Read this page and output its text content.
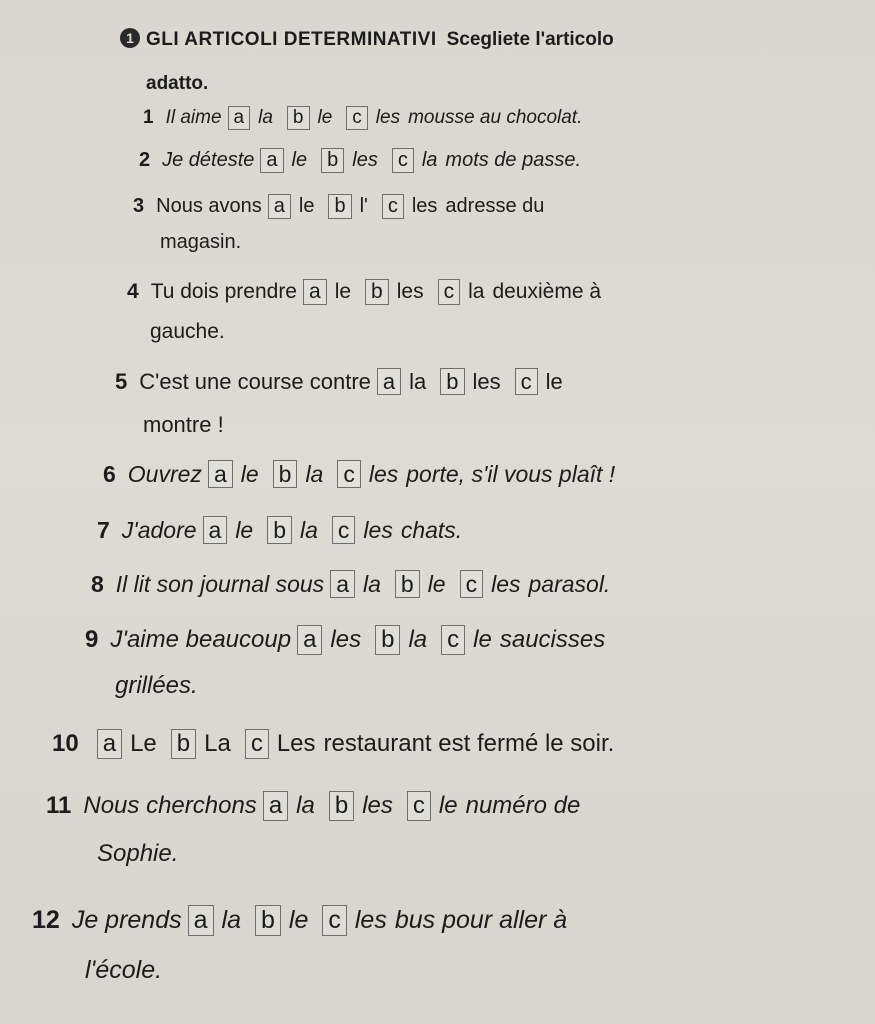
1 GLI ARTICOLI DETERMINATIVI Scegliete l'articolo
adatto.
1 Il aime a la b le c les mousse au chocolat.
2 Je déteste a le b les c la mots de passe.
3 Nous avons a le b l' c les adresse du
magasin.
4 Tu dois prendre a le b les c la deuxième à
gauche.
5 C'est une course contre a la b les c le
montre !
6 Ouvrez a le b la c les porte, s'il vous plaît !
7 J'adore a le b la c les chats.
8 Il lit son journal sous a la b le c les parasol.
9 J'aime beaucoup a les b la c le saucisses
grillées.
10 a Le b La c Les restaurant est fermé le soir.
11 Nous cherchons a la b les c le numéro de
Sophie.
12 Je prends a la b le c les bus pour aller à
l'école.
